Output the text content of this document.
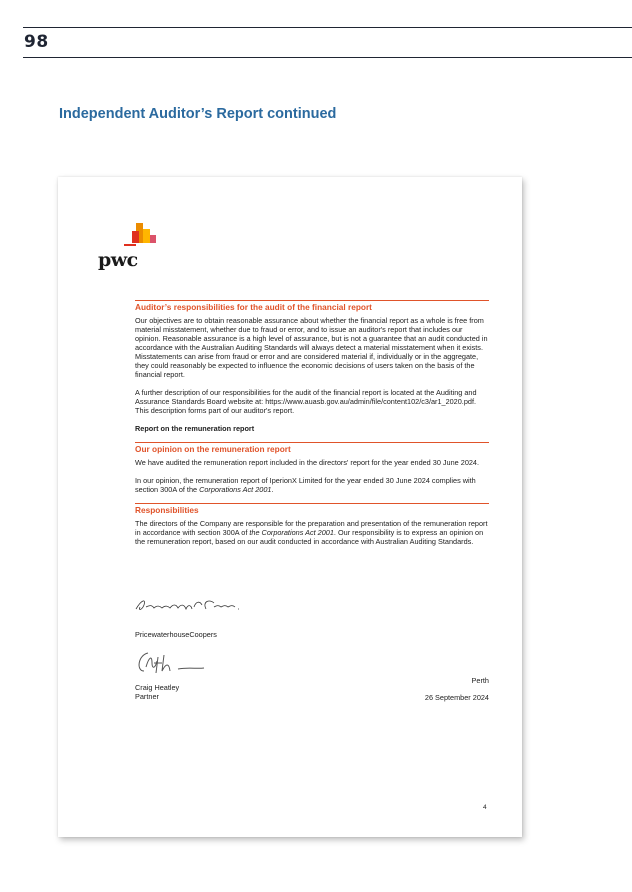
98
Independent Auditor’s Report continued
pwc
Auditor’s responsibilities for the audit of the financial report
Our objectives are to obtain reasonable assurance about whether the financial report as a whole is free from material misstatement, whether due to fraud or error, and to issue an auditor's report that includes our opinion. Reasonable assurance is a high level of assurance, but is not a guarantee that an audit conducted in accordance with the Australian Auditing Standards will always detect a material misstatement when it exists. Misstatements can arise from fraud or error and are considered material if, individually or in the aggregate, they could reasonably be expected to influence the economic decisions of users taken on the basis of the financial report.
A further description of our responsibilities for the audit of the financial report is located at the Auditing and Assurance Standards Board website at: https://www.auasb.gov.au/admin/file/content102/c3/ar1_2020.pdf. This description forms part of our auditor's report.
Report on the remuneration report
Our opinion on the remuneration report
We have audited the remuneration report included in the directors' report for the year ended 30 June 2024.
In our opinion, the remuneration report of IperionX Limited for the year ended 30 June 2024 complies with section 300A of the Corporations Act 2001.
Responsibilities
The directors of the Company are responsible for the preparation and presentation of the remuneration report in accordance with section 300A of the Corporations Act 2001. Our responsibility is to express an opinion on the remuneration report, based on our audit conducted in accordance with Australian Auditing Standards.
PricewaterhouseCoopers
Craig Heatley
Partner
Perth
26 September 2024
4
